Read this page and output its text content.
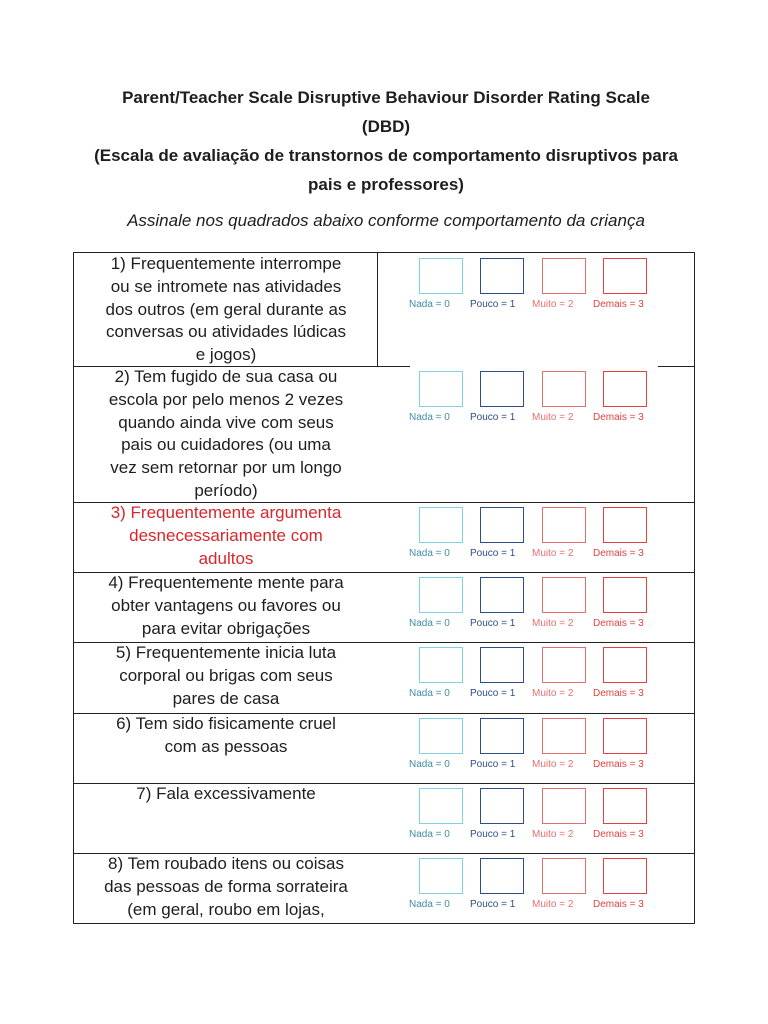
Parent/Teacher Scale Disruptive Behaviour Disorder Rating Scale
(DBD)
(Escala de avaliação de transtornos de comportamento disruptivos para
pais e professores)
Assinale nos quadrados abaixo conforme comportamento da criança
1) Frequentemente interrompe
ou se intromete nas atividades
dos outros (em geral durante as
conversas ou atividades lúdicas
e jogos)
Nada = 0	Pouco = 1	Muito = 2	Demais = 3
2) Tem fugido de sua casa ou
escola por pelo menos 2 vezes
quando ainda vive com seus
pais ou cuidadores (ou uma
vez sem retornar por um longo
período)
Nada = 0	Pouco = 1	Muito = 2	Demais = 3
3) Frequentemente argumenta
desnecessariamente com
adultos	Nada = 0	Pouco = 1	Muito = 2	Demais = 3
4) Frequentemente mente para
obter vantagens ou favores ou
para evitar obrigações	Nada = 0	Pouco = 1	Muito = 2	Demais = 3
5) Frequentemente inicia luta
corporal ou brigas com seus
pares de casa	Nada = 0	Pouco = 1	Muito = 2	Demais = 3
6) Tem sido fisicamente cruel
com as pessoas
Nada = 0	Pouco = 1	Muito = 2	Demais = 3
7) Fala excessivamente
Nada = 0	Pouco = 1	Muito = 2	Demais = 3
8) Tem roubado itens ou coisas
das pessoas de forma sorrateira
(em geral, roubo em lojas,	Nada = 0	Pouco = 1	Muito = 2	Demais = 3
